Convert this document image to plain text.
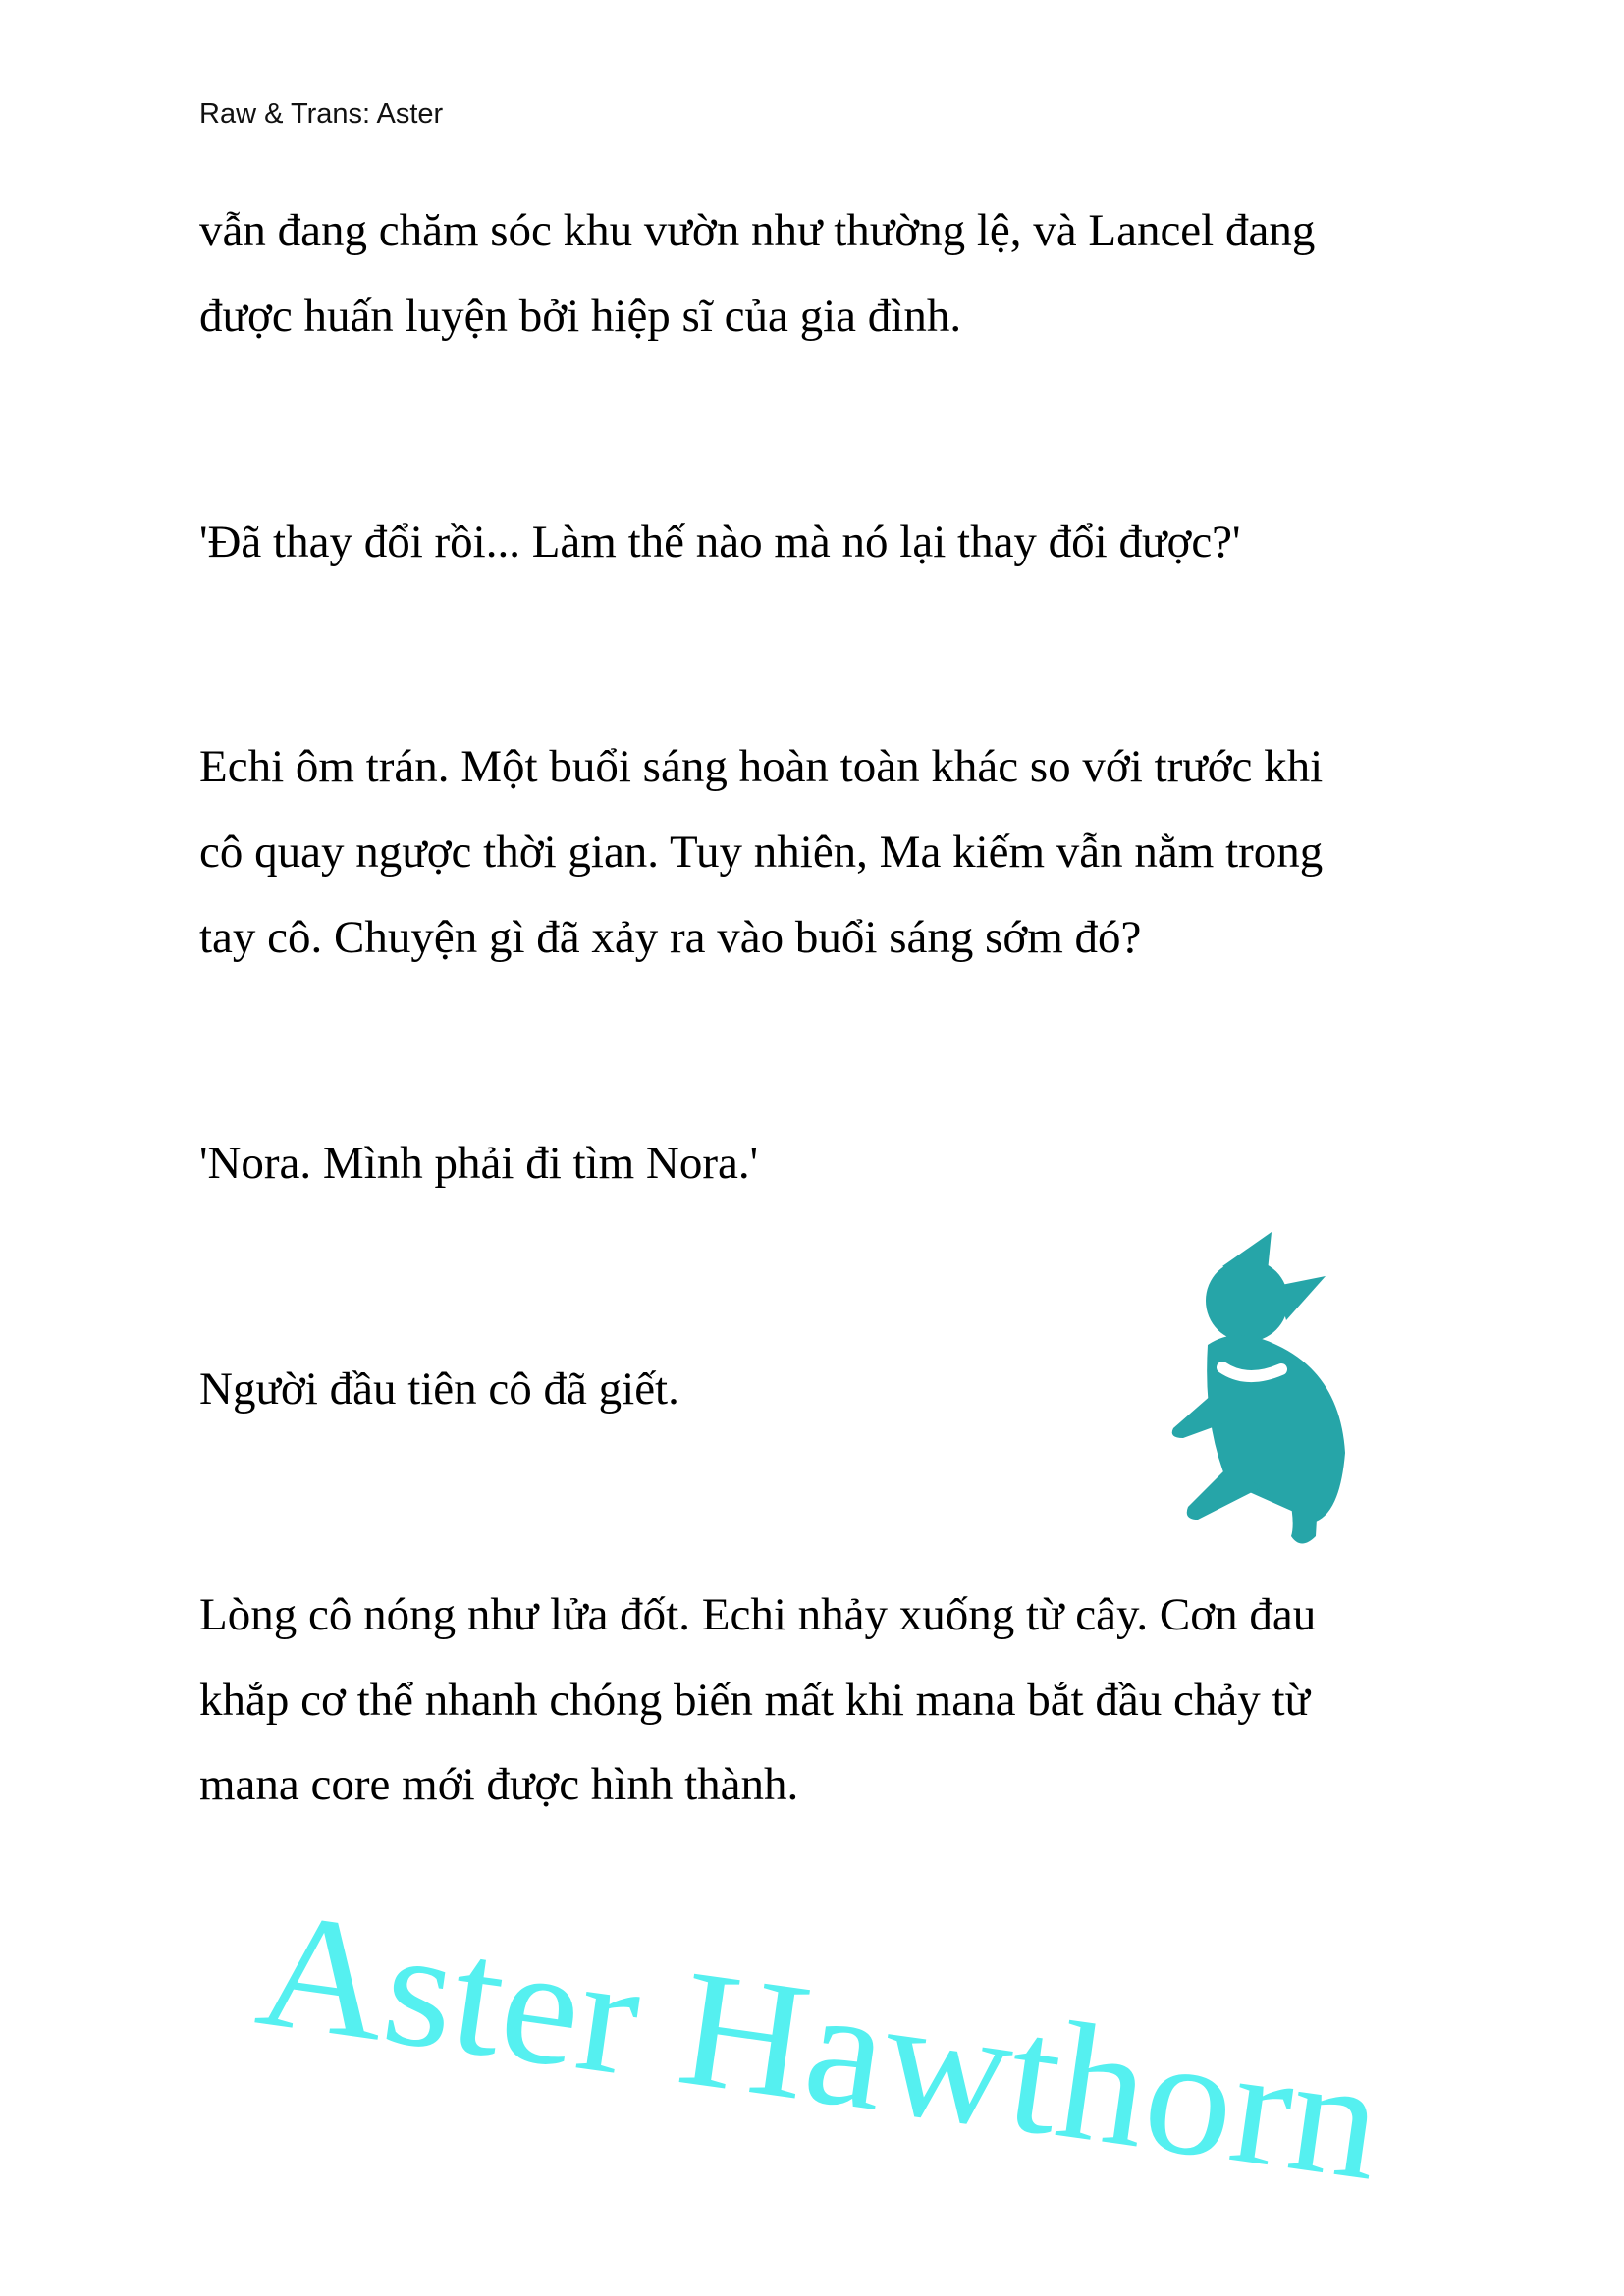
Raw & Trans: Aster
vẫn đang chăm sóc khu vườn như thường lệ, và Lancel đang
được huấn luyện bởi hiệp sĩ của gia đình.
'Đã thay đổi rồi... Làm thế nào mà nó lại thay đổi được?'
Echi ôm trán. Một buổi sáng hoàn toàn khác so với trước khi
cô quay ngược thời gian. Tuy nhiên, Ma kiếm vẫn nằm trong
tay cô. Chuyện gì đã xảy ra vào buổi sáng sớm đó?
'Nora. Mình phải đi tìm Nora.'
Người đầu tiên cô đã giết.
Lòng cô nóng như lửa đốt. Echi nhảy xuống từ cây. Cơn đau
khắp cơ thể nhanh chóng biến mất khi mana bắt đầu chảy từ
mana core mới được hình thành.
Aster Hawthorn
